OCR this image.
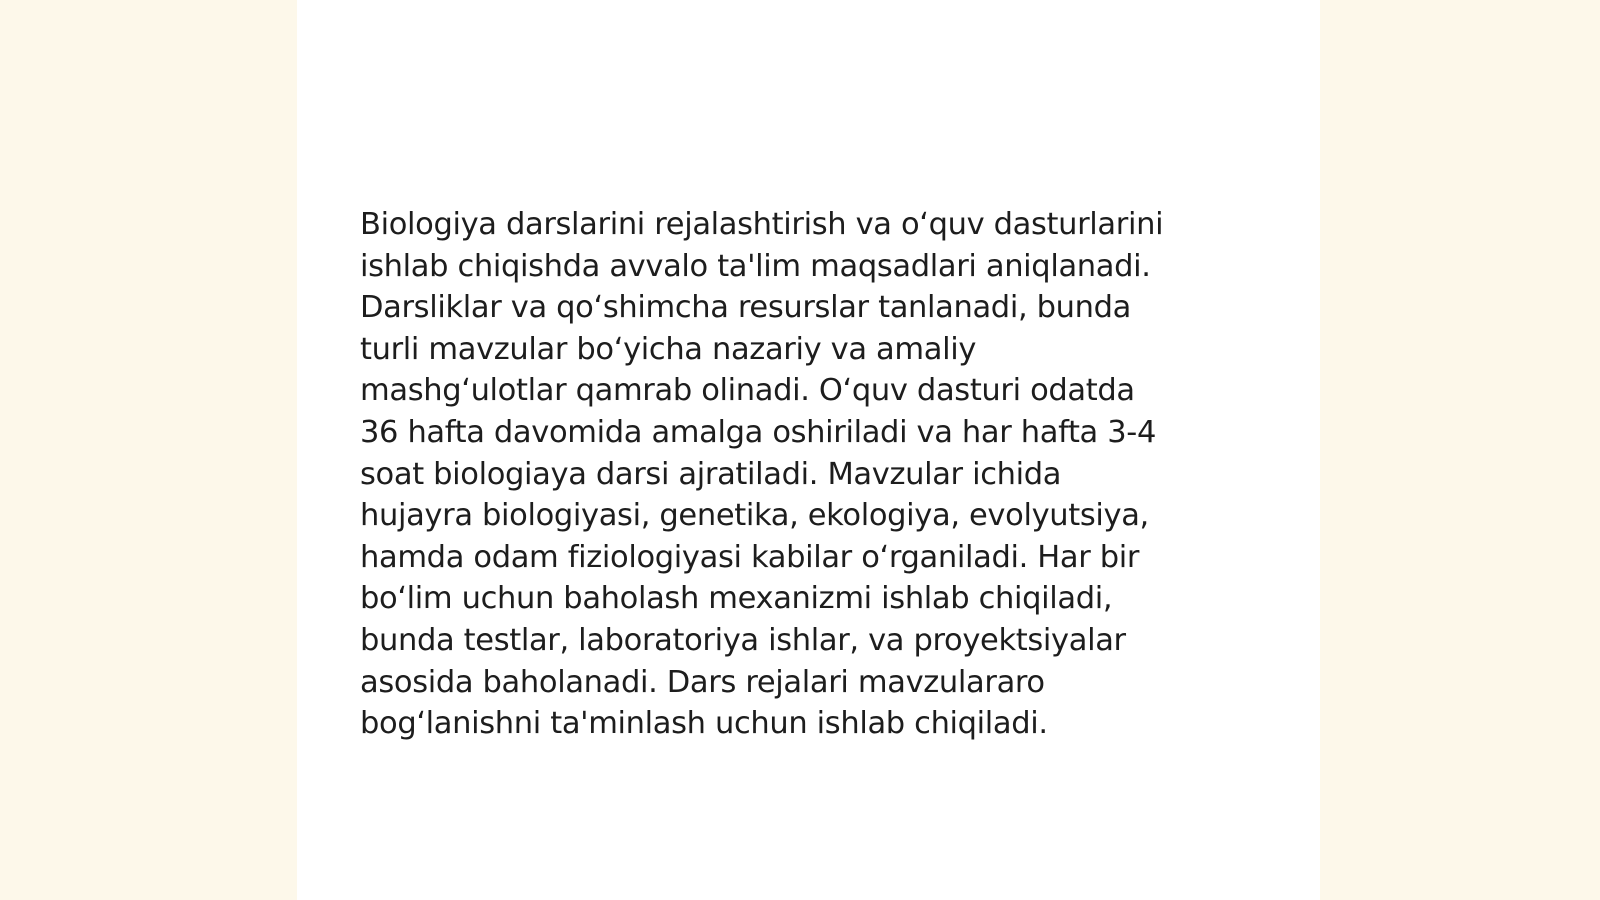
Biologiya darslarini rejalashtirish va o‘quv dasturlarini
ishlab chiqishda avvalo ta'lim maqsadlari aniqlanadi.
Darsliklar va qo‘shimcha resurslar tanlanadi, bunda
turli mavzular bo‘yicha nazariy va amaliy
mashg‘ulotlar qamrab olinadi. O‘quv dasturi odatda
36 hafta davomida amalga oshiriladi va har hafta 3-4
soat biologiaya darsi ajratiladi. Mavzular ichida
hujayra biologiyasi, genetika, ekologiya, evolyutsiya,
hamda odam fiziologiyasi kabilar o‘rganiladi. Har bir
bo‘lim uchun baholash mexanizmi ishlab chiqiladi,
bunda testlar, laboratoriya ishlar, va proyektsiyalar
asosida baholanadi. Dars rejalari mavzulararo
bog‘lanishni ta'minlash uchun ishlab chiqiladi.
